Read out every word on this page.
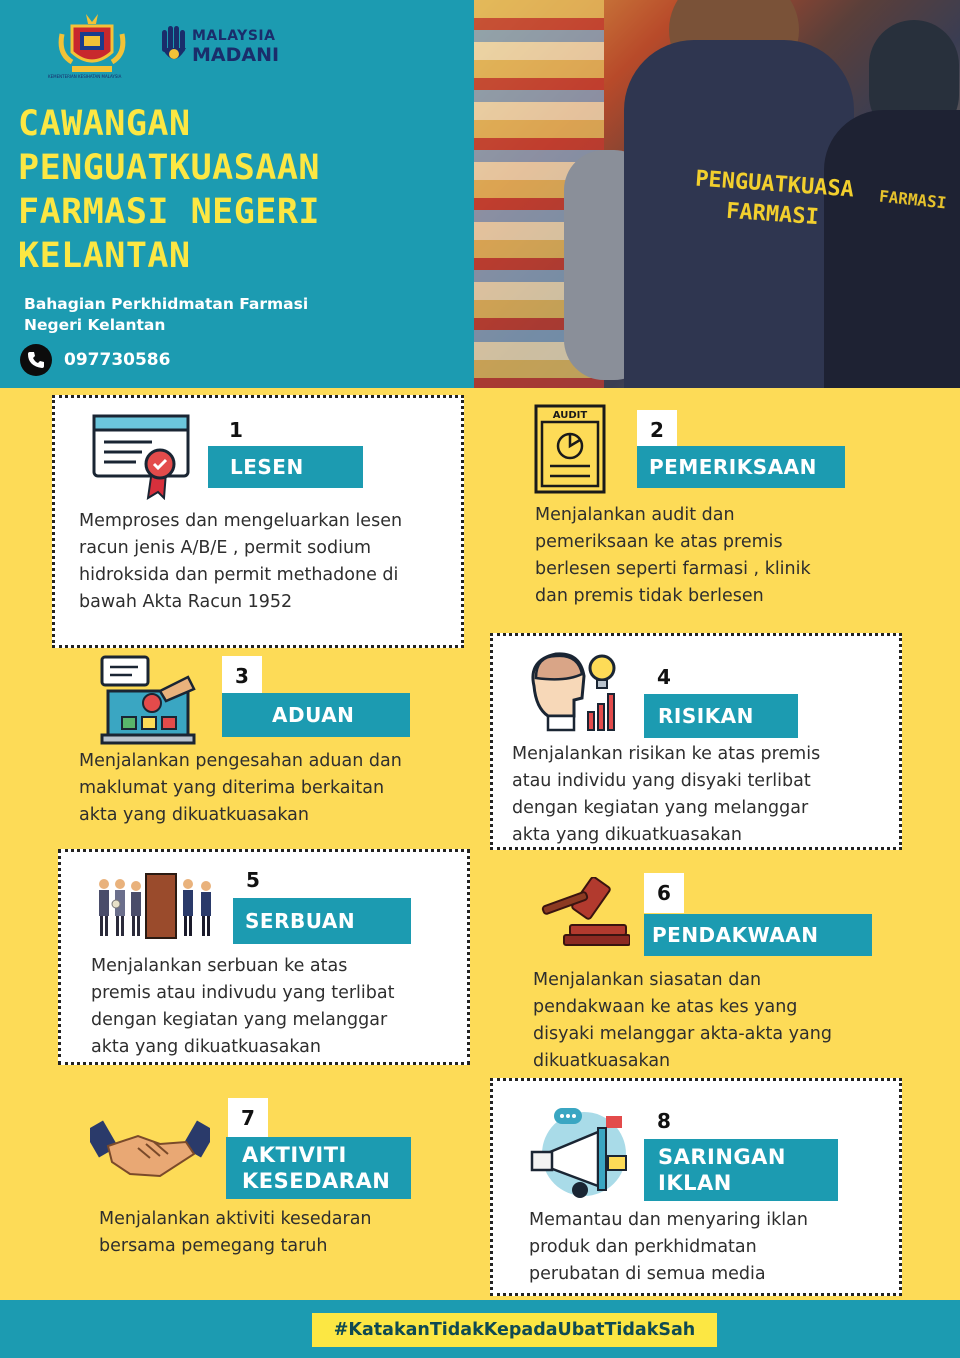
KEMENTERIAN KESIHATAN MALAYSIA
MALAYSIA
MADANI
CAWANGAN
PENGUATKUASAAN
FARMASI NEGERI
KELANTAN
Bahagian Perkhidmatan Farmasi
Negeri Kelantan
097730586
PENGUATKUASA
FARMASI	FARMASI
1
LESEN
Memproses dan mengeluarkan lesen
racun jenis A/B/E , permit sodium
hidroksida dan permit methadone di
bawah Akta Racun 1952
AUDIT
2
PEMERIKSAAN
Menjalankan audit dan
pemeriksaan ke atas premis
berlesen seperti farmasi , klinik
dan premis tidak berlesen
3
ADUAN
Menjalankan pengesahan aduan dan
maklumat yang diterima berkaitan
akta yang dikuatkuasakan
4
RISIKAN
Menjalankan risikan ke atas premis
atau individu yang disyaki terlibat
dengan kegiatan yang melanggar
akta yang dikuatkuasakan
5
SERBUAN
Menjalankan serbuan ke atas
premis atau indivudu yang terlibat
dengan kegiatan yang melanggar
akta yang dikuatkuasakan
6
PENDAKWAAN
Menjalankan siasatan dan
pendakwaan ke atas kes yang
disyaki melanggar akta-akta yang
dikuatkuasakan
7
AKTIVITI
KESEDARAN
Menjalankan aktiviti kesedaran
bersama pemegang taruh
8
SARINGAN
IKLAN
Memantau dan menyaring iklan
produk dan perkhidmatan
perubatan di semua media
#KatakanTidakKepadaUbatTidakSah
